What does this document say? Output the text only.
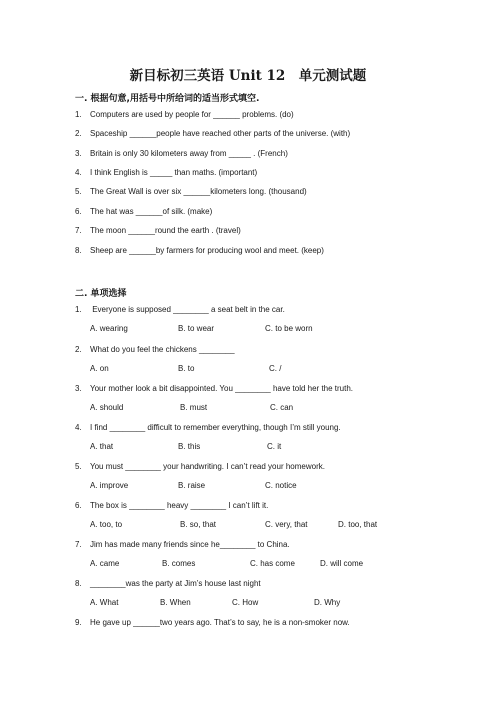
新目标初三英语 Unit 12　单元测试题
一. 根据句意,用括号中所给词的适当形式填空.
1. Computers are used by people for ______ problems. (do)
2. Spaceship ______people have reached other parts of the universe. (with)
3. Britain is only 30 kilometers away from _____ . (French)
4. I think English is _____ than maths. (important)
5. The Great Wall is over six ______kilometers long. (thousand)
6. The hat was ______of silk. (make)
7. The moon ______round the earth . (travel)
8. Sheep are ______by farmers for producing wool and meet. (keep)
二. 单项选择
1. Everyone is supposed ________ a seat belt in the car.
A. wearing	B. to wear	C. to be worn
2. What do you feel the chickens ________
A. on	B. to	C. /
3. Your mother look a bit disappointed. You ________ have told her the truth.
A. should	B. must	C. can
4. I find ________ difficult to remember everything, though I’m still young.
A. that	B. this	C. it
5. You must ________ your handwriting. I can’t read your homework.
A. improve	B. raise	C. notice
6. The box is ________ heavy ________ I can’t lift it.
A. too, to	B. so, that	C. very, that	D. too, that
7. Jim has made many friends since he________ to China.
A. came	B. comes	C. has come	D. will come
8. ________was the party at Jim’s house last night
A. What	B. When	C. How	D. Why
9. He gave up ______two years ago. That’s to say, he is a non-smoker now.
